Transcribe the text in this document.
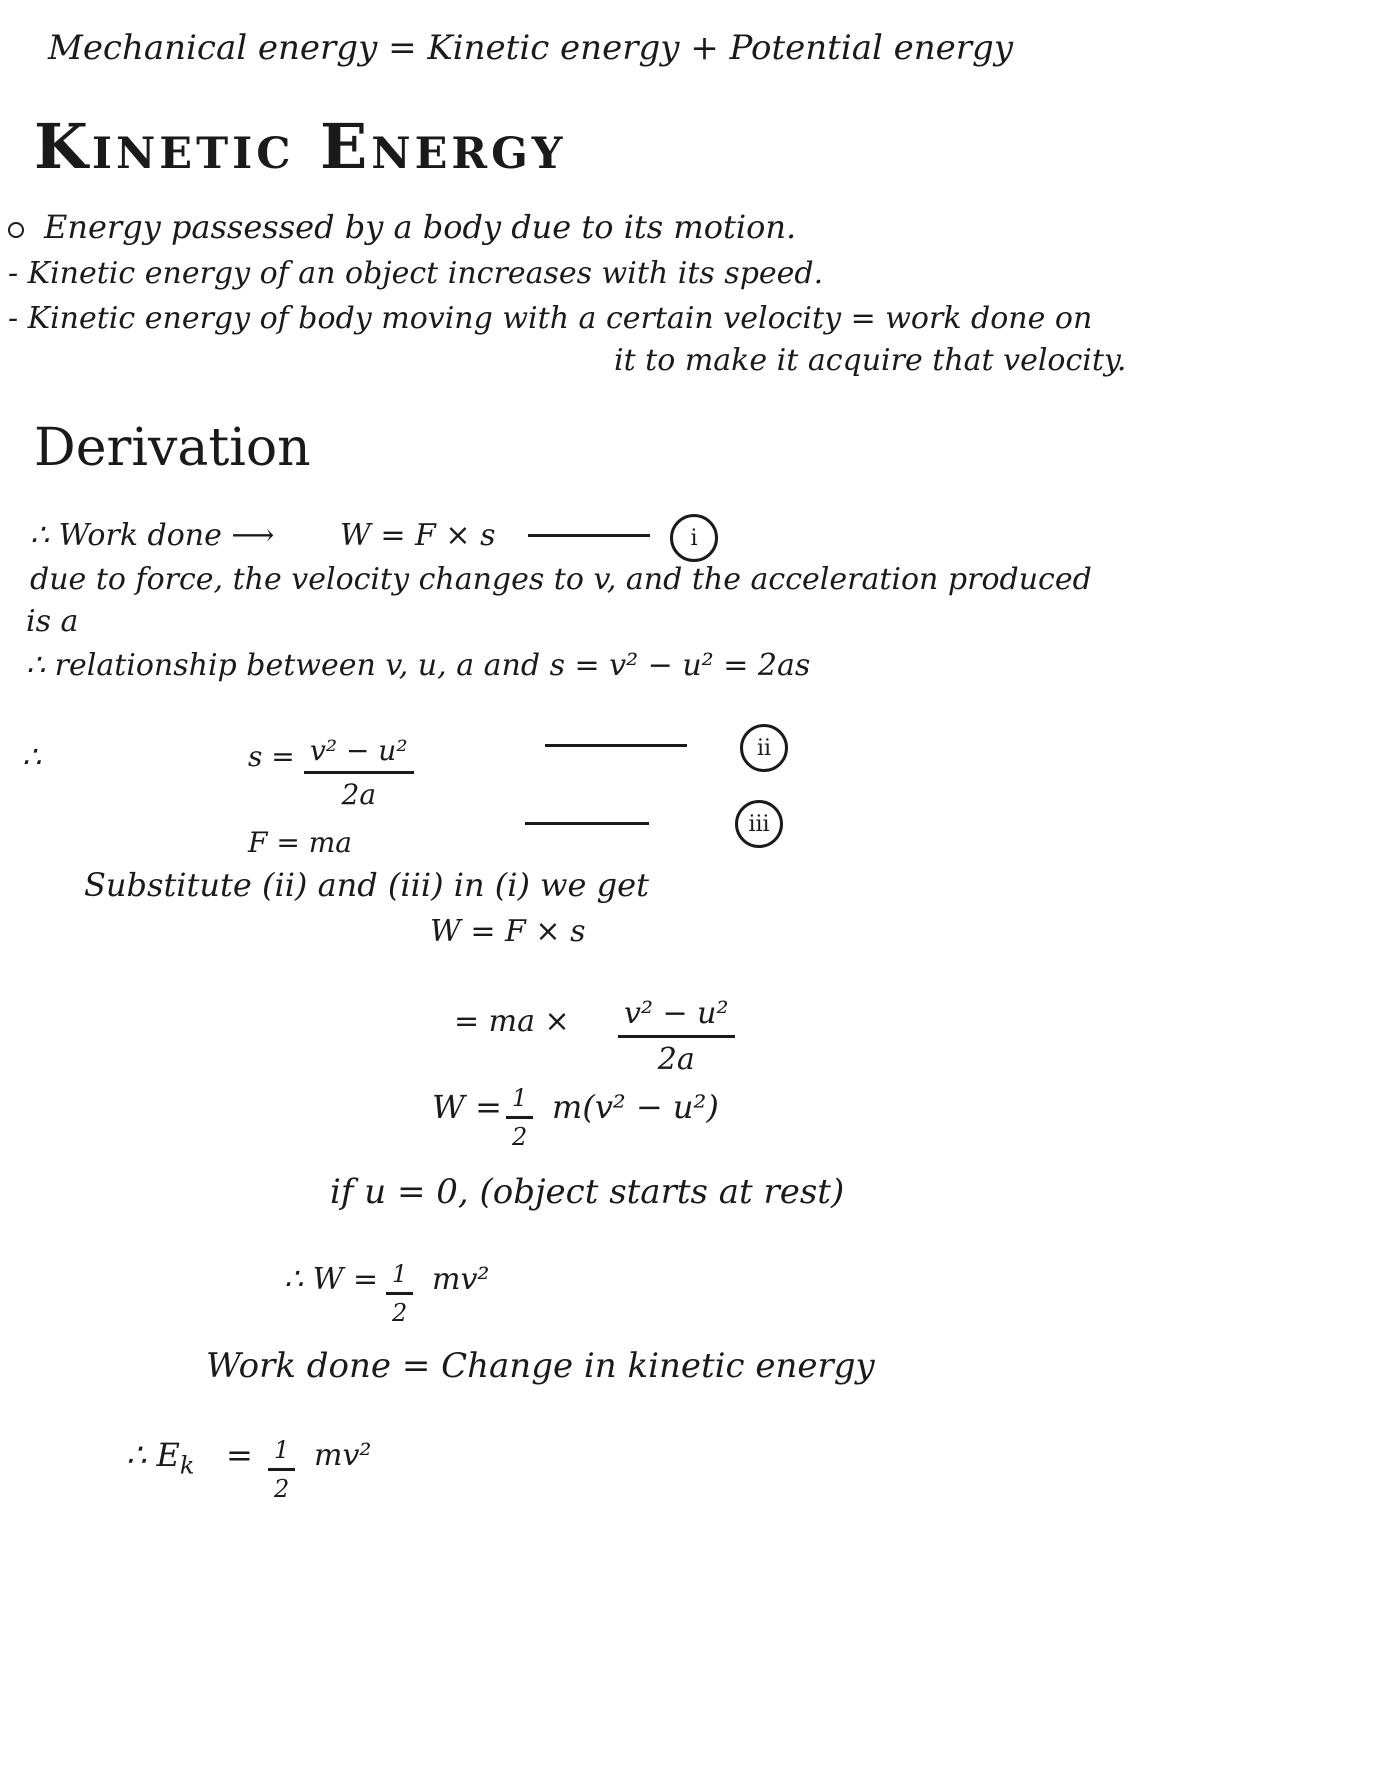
Mechanical energy = Kinetic energy + Potential energy
Kinetic Energy
Energy passessed by a body due to its motion.
- Kinetic energy of an object increases with its speed.
- Kinetic energy of body moving with a certain velocity = work done on
it to make it acquire that velocity.
Derivation
∴ Work done ⟶ W = F × s	i
due to force, the velocity changes to v, and the acceleration produced
is a
∴ relationship between v, u, a and s = v² − u² = 2as
∴	$s = \frac{\text{v² − u²}}{2a}$	ii
F = ma
iii
Substitute (ii) and (iii) in (i) we get
W = F × s
= ma × $\frac{\text{v² − u²}}{2a}$
$W = \frac{1}{2} m(v^2 - u^2)$
if u = 0, (object starts at rest)
∴ $W = \frac{1}{2} mv^2$
Work done = Change in kinetic energy
∴ $E_k = \frac{1}{2} mv^2$
